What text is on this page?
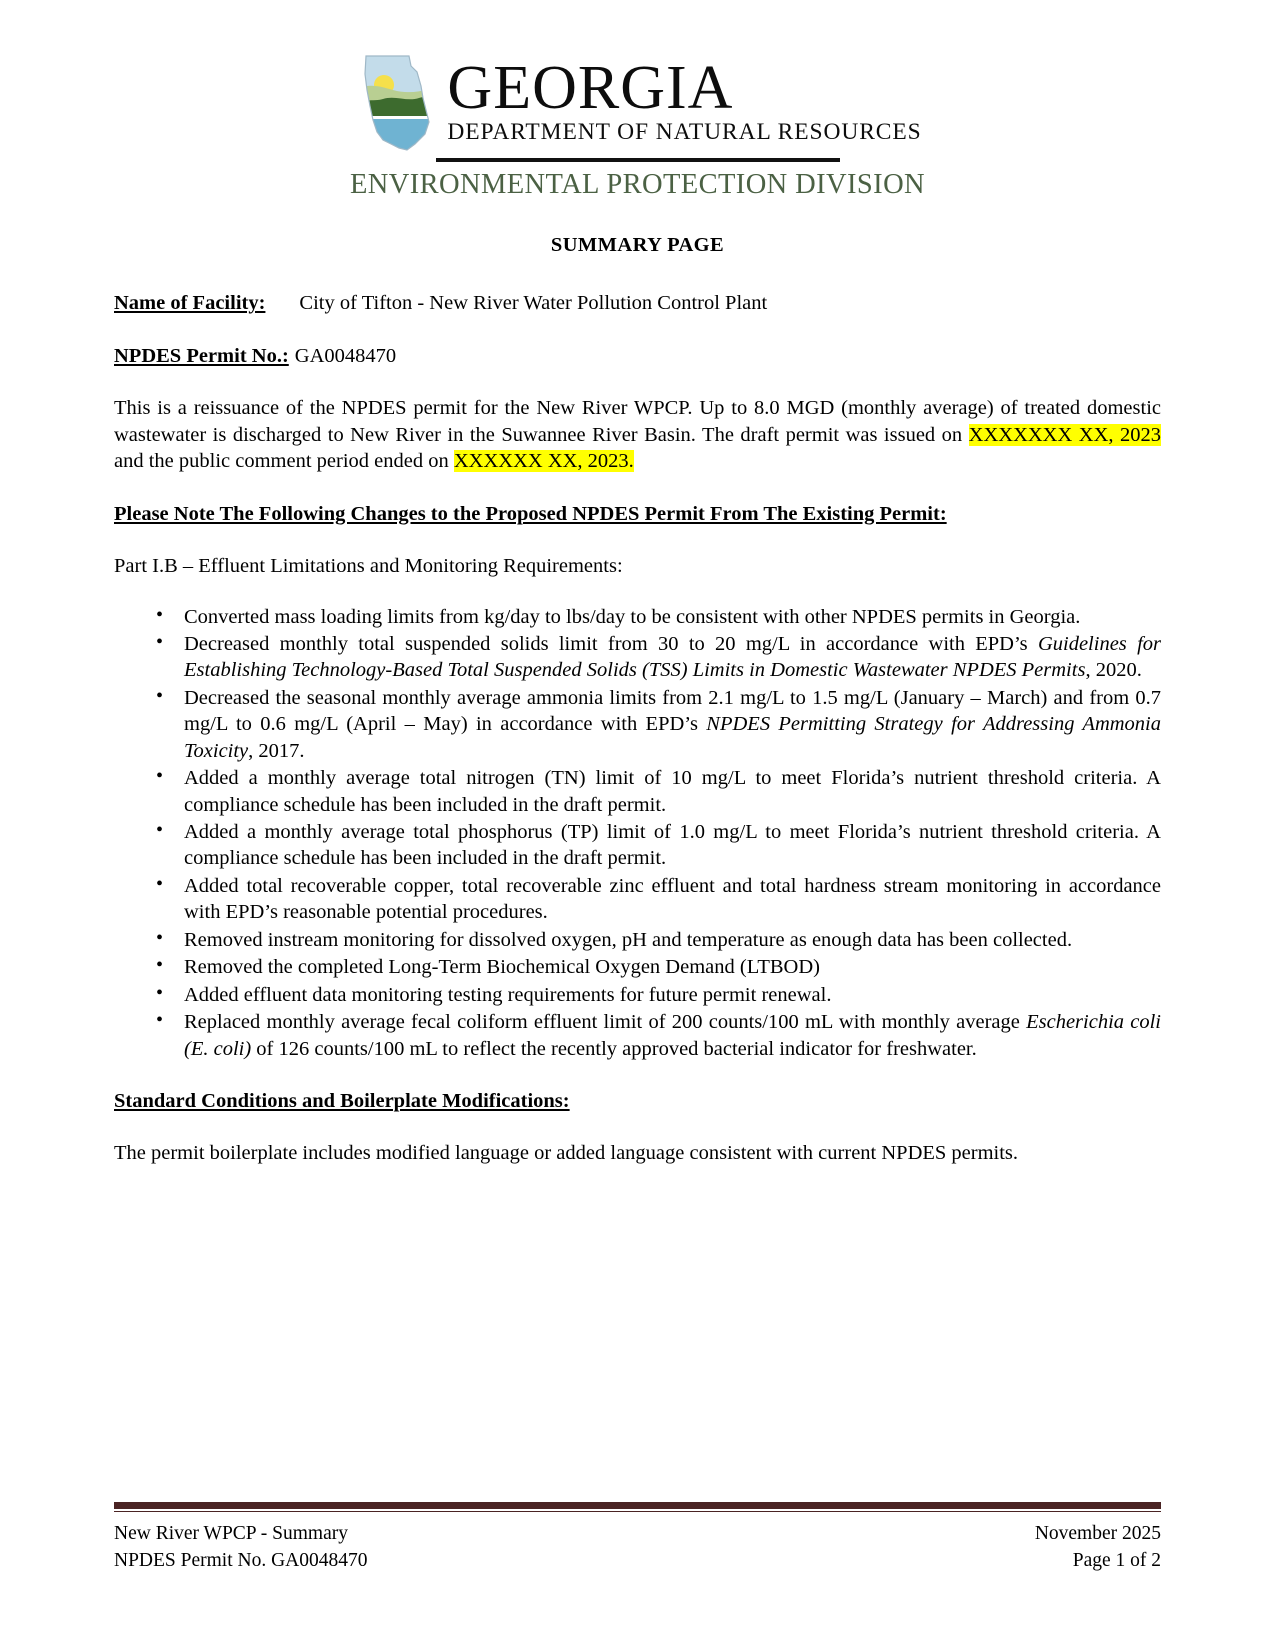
GEORGIA
DEPARTMENT OF NATURAL RESOURCES
ENVIRONMENTAL PROTECTION DIVISION
SUMMARY PAGE
Name of Facility: City of Tifton - New River Water Pollution Control Plant
NPDES Permit No.: GA0048470

This is a reissuance of the NPDES permit for the New River WPCP. Up to 8.0 MGD (monthly average) of treated domestic wastewater is discharged to New River in the Suwannee River Basin. The draft permit was issued on XXXXXXX XX, 2023 and the public comment period ended on XXXXXX XX, 2023.

Please Note The Following Changes to the Proposed NPDES Permit From The Existing Permit:
Part I.B – Effluent Limitations and Monitoring Requirements:
• Converted mass loading limits from kg/day to lbs/day to be consistent with other NPDES permits in Georgia.
• Decreased monthly total suspended solids limit from 30 to 20 mg/L in accordance with EPD’s Guidelines for Establishing Technology-Based Total Suspended Solids (TSS) Limits in Domestic Wastewater NPDES Permits, 2020.
• Decreased the seasonal monthly average ammonia limits from 2.1 mg/L to 1.5 mg/L (January – March) and from 0.7 mg/L to 0.6 mg/L (April – May) in accordance with EPD’s NPDES Permitting Strategy for Addressing Ammonia Toxicity, 2017.
• Added a monthly average total nitrogen (TN) limit of 10 mg/L to meet Florida’s nutrient threshold criteria. A compliance schedule has been included in the draft permit.
• Added a monthly average total phosphorus (TP) limit of 1.0 mg/L to meet Florida’s nutrient threshold criteria. A compliance schedule has been included in the draft permit.
• Added total recoverable copper, total recoverable zinc effluent and total hardness stream monitoring in accordance with EPD’s reasonable potential procedures.
• Removed instream monitoring for dissolved oxygen, pH and temperature as enough data has been collected.
• Removed the completed Long-Term Biochemical Oxygen Demand (LTBOD)
• Added effluent data monitoring testing requirements for future permit renewal.
• Replaced monthly average fecal coliform effluent limit of 200 counts/100 mL with monthly average Escherichia coli (E. coli) of 126 counts/100 mL to reflect the recently approved bacterial indicator for freshwater.
Standard Conditions and Boilerplate Modifications:

The permit boilerplate includes modified language or added language consistent with current NPDES permits.

New River WPCP - Summary
NPDES Permit No. GA0048470
November 2025
Page 1 of 2
